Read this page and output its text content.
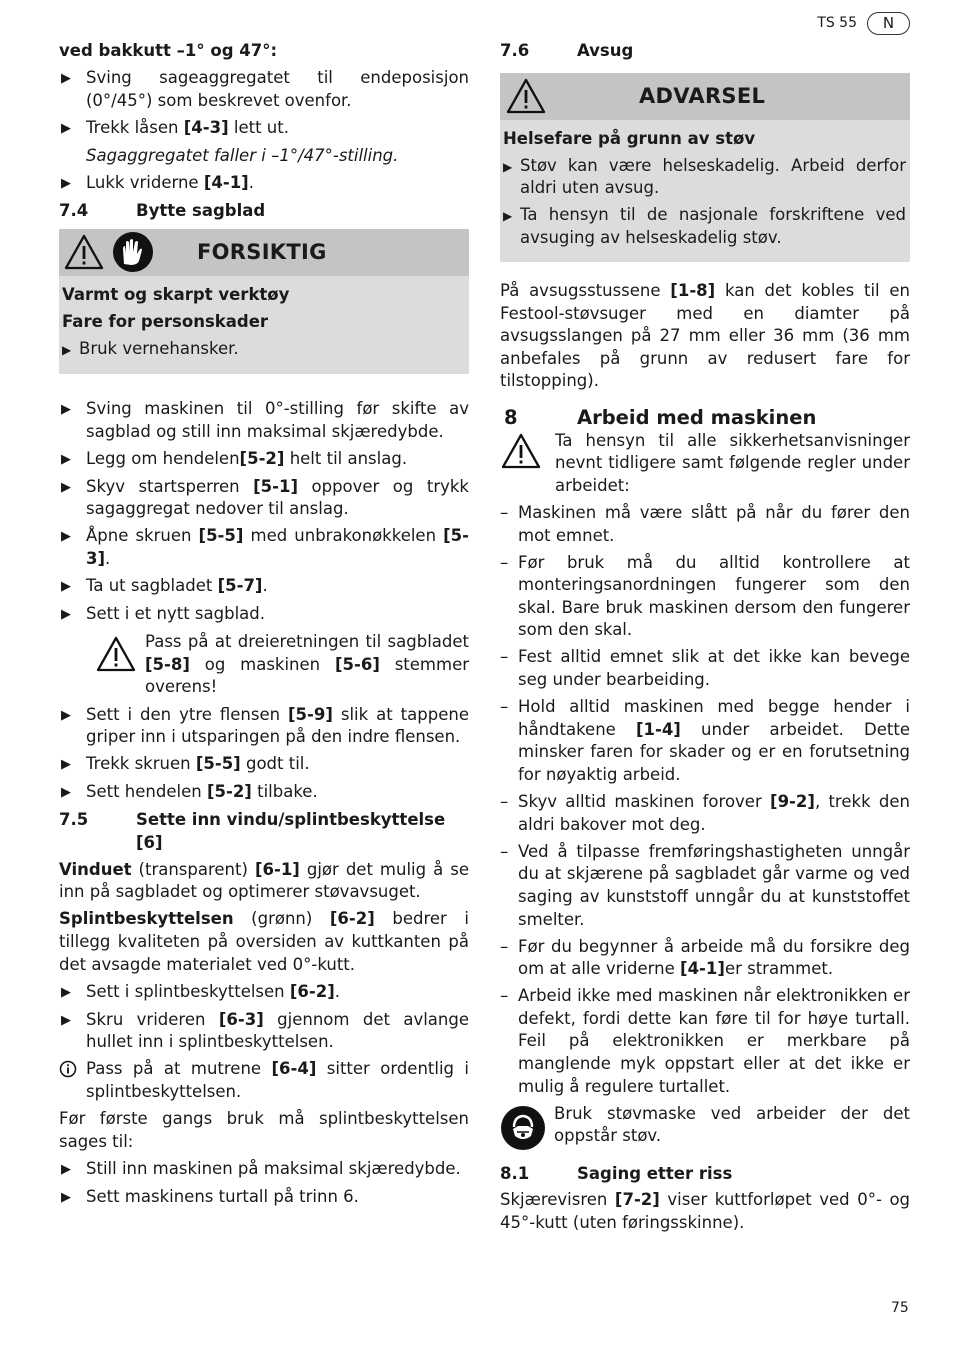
TS 55	N
ved bakkutt –1° og 47°:
▶ Sving sageaggregatet til endeposisjon (0°/45°) som beskrevet ovenfor.
▶ Trekk låsen [4-3] lett ut.
Sagaggregatet faller i –1°/47°-stilling.
▶ Lukk vriderne [4-1].
7.4	Bytte sagblad
FORSIKTIG
Varmt og skarpt verktøy
Fare for personskader
▶ Bruk vernehansker.
▶ Sving maskinen til 0°-stilling før skifte av sagblad og still inn maksimal skjæredybde.
▶ Legg om hendelen[5-2] helt til anslag.
▶ Skyv startsperren [5-1] oppover og trykk sagaggregat nedover til anslag.
▶ Åpne skruen [5-5] med unbrakonøkkelen [5-3].
▶ Ta ut sagbladet [5-7].
▶ Sett i et nytt sagblad.
Pass på at dreieretningen til sagbladet [5-8] og maskinen [5-6] stemmer overens!
▶ Sett i den ytre flensen [5-9] slik at tappene griper inn i utsparingen på den indre flensen.
▶ Trekk skruen [5-5] godt til.
▶ Sett hendelen [5-2] tilbake.
7.5	Sette inn vindu/splintbeskyttelse [6]
Vinduet (transparent) [6-1] gjør det mulig å se inn på sagbladet og optimerer støvavsuget.
Splintbeskyttelsen (grønn) [6-2] bedrer i tillegg kvaliteten på oversiden av kuttkanten på det avsagde materialet ved 0°-kutt.
▶ Sett i splintbeskyttelsen [6-2].
▶ Skru vrideren [6-3] gjennom det avlange hullet inn i splintbeskyttelsen.
Pass på at mutrene [6-4] sitter ordentlig i splintbeskyttelsen.
Før første gangs bruk må splintbeskyttelsen sages til:
▶ Still inn maskinen på maksimal skjæredybde.
▶ Sett maskinens turtall på trinn 6.
7.6	Avsug
ADVARSEL
Helsefare på grunn av støv
▶ Støv kan være helseskadelig. Arbeid derfor aldri uten avsug.
▶ Ta hensyn til de nasjonale forskriftene ved avsuging av helseskadelig støv.
På avsugsstussene [1-8] kan det kobles til en Festool-støvsuger med en diamter på avsugsslangen på 27 mm eller 36 mm (36 mm anbefales på grunn av redusert fare for tilstopping).
8	Arbeid med maskinen
Ta hensyn til alle sikkerhetsanvisninger nevnt tidligere samt følgende regler under arbeidet:
– Maskinen må være slått på når du fører den mot emnet.
– Før bruk må du alltid kontrollere at monteringsanordningen fungerer som den skal. Bare bruk maskinen dersom den fungerer som den skal.
– Fest alltid emnet slik at det ikke kan bevege seg under bearbeiding.
– Hold alltid maskinen med begge hender i håndtakene [1-4] under arbeidet. Dette minsker faren for skader og er en forutsetning for nøyaktig arbeid.
– Skyv alltid maskinen forover [9-2], trekk den aldri bakover mot deg.
– Ved å tilpasse fremføringshastigheten unngår du at skjærene på sagbladet går varme og ved saging av kunststoff unngår du at kunststoffet smelter.
– Før du begynner å arbeide må du forsikre deg om at alle vriderne [4-1]er strammet.
– Arbeid ikke med maskinen når elektronikken er defekt, fordi dette kan føre til for høye turtall. Feil på elektronikken er merkbare på manglende myk oppstart eller at det ikke er mulig å regulere turtallet.
Bruk støvmaske ved arbeider der det oppstår støv.
8.1	Saging etter riss
Skjærevisren [7-2] viser kuttforløpet ved 0°- og 45°-kutt (uten føringsskinne).
75
